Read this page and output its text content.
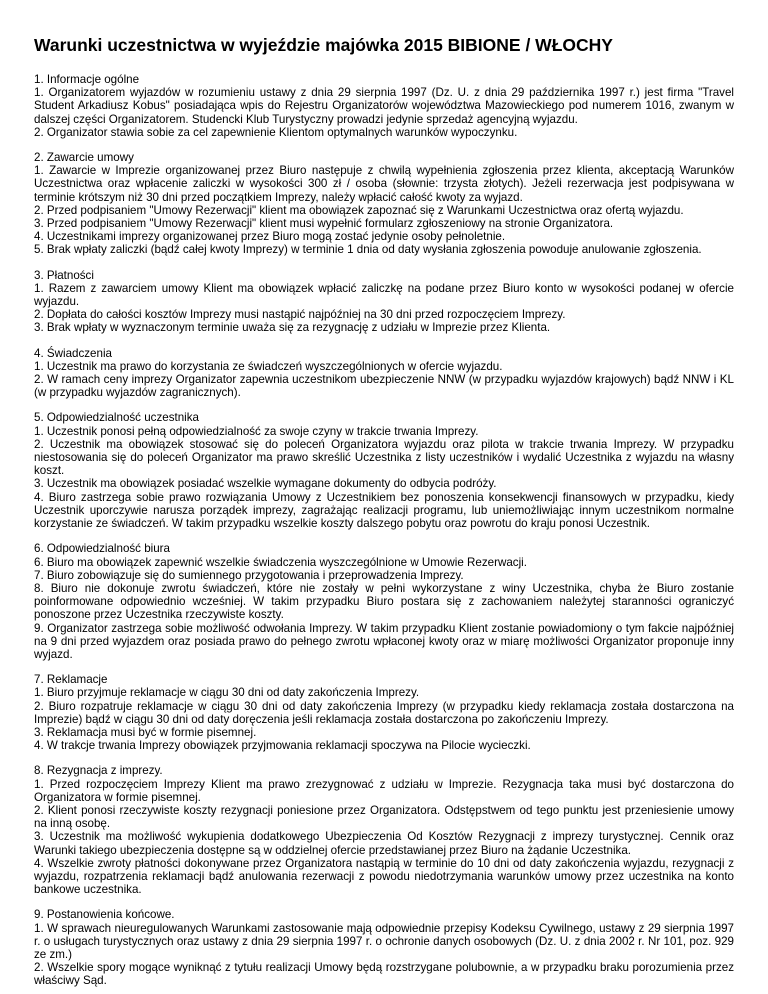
Warunki uczestnictwa w wyjeździe majówka 2015 BIBIONE / WŁOCHY

1. Informacje ogólne

1. Organizatorem wyjazdów w rozumieniu ustawy z dnia 29 sierpnia 1997 (Dz. U. z dnia 29 października 1997 r.) jest firma "Travel Student Arkadiusz Kobus" posiadająca wpis do Rejestru Organizatorów województwa Mazowieckiego pod numerem 1016, zwanym w dalszej części Organizatorem. Studencki Klub Turystyczny prowadzi jedynie sprzedaż agencyjną wyjazdu.

2. Organizator stawia sobie za cel zapewnienie Klientom optymalnych warunków wypoczynku.

2. Zawarcie umowy

1. Zawarcie w Imprezie organizowanej przez Biuro następuje z chwilą wypełnienia zgłoszenia przez klienta, akceptacją Warunków Uczestnictwa oraz wpłacenie zaliczki w wysokości 300 zł / osoba (słownie: trzysta złotych). Jeżeli rezerwacja jest podpisywana w terminie krótszym niż 30 dni przed początkiem Imprezy, należy wpłacić całość kwoty za wyjazd.

2. Przed podpisaniem "Umowy Rezerwacji" klient ma obowiązek zapoznać się z Warunkami Uczestnictwa oraz ofertą wyjazdu.

3. Przed podpisaniem "Umowy Rezerwacji" klient musi wypełnić formularz zgłoszeniowy na stronie Organizatora.

4. Uczestnikami imprezy organizowanej przez Biuro mogą zostać jedynie osoby pełnoletnie.

5. Brak wpłaty zaliczki (bądź całej kwoty Imprezy) w terminie 1 dnia od daty wysłania zgłoszenia powoduje anulowanie zgłoszenia.

3. Płatności

1. Razem z zawarciem umowy Klient ma obowiązek wpłacić zaliczkę na podane przez Biuro konto w wysokości podanej w ofercie wyjazdu.

2. Dopłata do całości kosztów Imprezy musi nastąpić najpóźniej na 30 dni przed rozpoczęciem Imprezy.

3. Brak wpłaty w wyznaczonym terminie uważa się za rezygnację z udziału w Imprezie przez Klienta.

4. Świadczenia

1. Uczestnik ma prawo do korzystania ze świadczeń wyszczególnionych w ofercie wyjazdu.

2. W ramach ceny imprezy Organizator zapewnia uczestnikom ubezpieczenie NNW (w przypadku wyjazdów krajowych) bądź NNW i KL (w przypadku wyjazdów zagranicznych).

5. Odpowiedzialność uczestnika

1. Uczestnik ponosi pełną odpowiedzialność za swoje czyny w trakcie trwania Imprezy.

2. Uczestnik ma obowiązek stosować się do poleceń Organizatora wyjazdu oraz pilota w trakcie trwania Imprezy. W przypadku niestosowania się do poleceń Organizator ma prawo skreślić Uczestnika z listy uczestników i wydalić Uczestnika z wyjazdu na własny koszt.

3. Uczestnik ma obowiązek posiadać wszelkie wymagane dokumenty do odbycia podróży.

4. Biuro zastrzega sobie prawo rozwiązania Umowy z Uczestnikiem bez ponoszenia konsekwencji finansowych w przypadku, kiedy Uczestnik uporczywie narusza porządek imprezy, zagrażając realizacji programu, lub uniemożliwiając innym uczestnikom normalne korzystanie ze świadczeń. W takim przypadku wszelkie koszty dalszego pobytu oraz powrotu do kraju ponosi Uczestnik.

6. Odpowiedzialność biura

6. Biuro ma obowiązek zapewnić wszelkie świadczenia wyszczególnione w Umowie Rezerwacji.

7. Biuro zobowiązuje się do sumiennego przygotowania i przeprowadzenia Imprezy.

8. Biuro nie dokonuje zwrotu świadczeń, które nie zostały w pełni wykorzystane z winy Uczestnika, chyba że Biuro zostanie poinformowane odpowiednio wcześniej. W takim przypadku Biuro postara się z zachowaniem należytej staranności ograniczyć ponoszone przez Uczestnika rzeczywiste koszty.

9. Organizator zastrzega sobie możliwość odwołania Imprezy. W takim przypadku Klient zostanie powiadomiony o tym fakcie najpóźniej na 9 dni przed wyjazdem oraz posiada prawo do pełnego zwrotu wpłaconej kwoty oraz w miarę możliwości Organizator proponuje inny wyjazd.

7. Reklamacje

1. Biuro przyjmuje reklamacje w ciągu 30 dni od daty zakończenia Imprezy.

2. Biuro rozpatruje reklamacje w ciągu 30 dni od daty zakończenia Imprezy (w przypadku kiedy reklamacja została dostarczona na Imprezie) bądź w ciągu 30 dni od daty doręczenia jeśli reklamacja została dostarczona po zakończeniu Imprezy.

3. Reklamacja musi być w formie pisemnej.

4. W trakcje trwania Imprezy obowiązek przyjmowania reklamacji spoczywa na Pilocie wycieczki.

8. Rezygnacja z imprezy.

1. Przed rozpoczęciem Imprezy Klient ma prawo zrezygnować z udziału w Imprezie. Rezygnacja taka musi być dostarczona do Organizatora w formie pisemnej.

2. Klient ponosi rzeczywiste koszty rezygnacji poniesione przez Organizatora. Odstępstwem od tego punktu jest przeniesienie umowy na inną osobę.

3. Uczestnik ma możliwość wykupienia dodatkowego Ubezpieczenia Od Kosztów Rezygnacji z imprezy turystycznej. Cennik oraz Warunki takiego ubezpieczenia dostępne są w oddzielnej ofercie przedstawianej przez Biuro na żądanie Uczestnika.

4. Wszelkie zwroty płatności dokonywane przez Organizatora nastąpią w terminie do 10 dni od daty zakończenia wyjazdu, rezygnacji z wyjazdu, rozpatrzenia reklamacji bądź anulowania rezerwacji z powodu niedotrzymania warunków umowy przez uczestnika na konto bankowe uczestnika.

9. Postanowienia końcowe.

1. W sprawach nieuregulowanych Warunkami zastosowanie mają odpowiednie przepisy Kodeksu Cywilnego, ustawy z 29 sierpnia 1997 r. o usługach turystycznych oraz ustawy z dnia 29 sierpnia 1997 r. o ochronie danych osobowych (Dz. U. z dnia 2002 r. Nr 101, poz. 929 ze zm.)

2. Wszelkie spory mogące wyniknąć z tytułu realizacji Umowy będą rozstrzygane polubownie, a w przypadku braku porozumienia przez właściwy Sąd.
